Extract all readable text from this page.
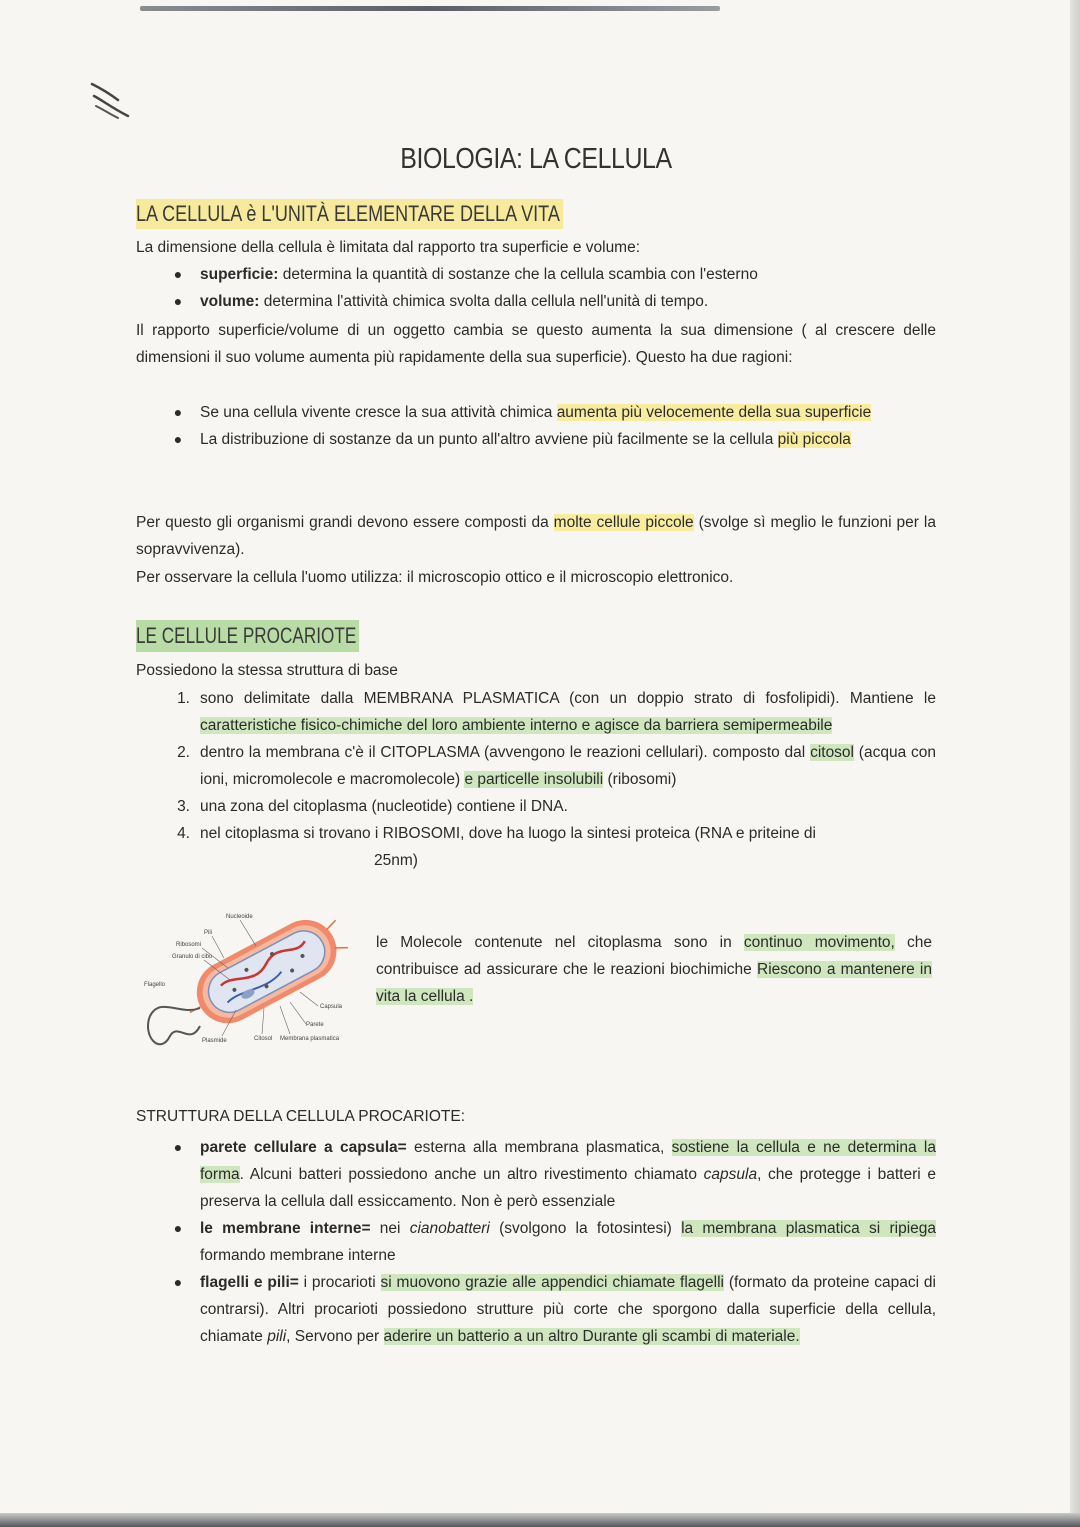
BIOLOGIA: LA CELLULA
LA CELLULA è L'UNITÀ ELEMENTARE DELLA VITA
La dimensione della cellula è limitata dal rapporto tra superficie e volume:
●	superficie: determina la quantità di sostanze che la cellula scambia con l'esterno
●	volume: determina l'attività chimica svolta dalla cellula nell'unità di tempo.
Il rapporto superficie/volume di un oggetto cambia se questo aumenta la sua dimensione ( al crescere delle dimensioni il suo volume aumenta più rapidamente della sua superficie). Questo ha due ragioni:
●	Se una cellula vivente cresce la sua attività chimica aumenta più velocemente della sua superficie
●	La distribuzione di sostanze da un punto all'altro avviene più facilmente se la cellula più piccola
Per questo gli organismi grandi devono essere composti da molte cellule piccole (svolge sì meglio le funzioni per la sopravvivenza).
Per osservare la cellula l'uomo utilizza: il microscopio ottico e il microscopio elettronico.
LE CELLULE PROCARIOTE
Possiedono la stessa struttura di base
1. sono delimitate dalla MEMBRANA PLASMATICA (con un doppio strato di fosfolipidi). Mantiene le caratteristiche fisico-chimiche del loro ambiente interno e agisce da barriera semipermeabile
2. dentro la membrana c'è il CITOPLASMA (avvengono le reazioni cellulari). composto dal citosol (acqua con ioni, micromolecole e macromolecole) e particelle insolubili (ribosomi)
3. una zona del citoplasma (nucleotide) contiene il DNA.
4. nel citoplasma si trovano i RIBOSOMI, dove ha luogo la sintesi proteica (RNA e priteine di
25nm)
le Molecole contenute nel citoplasma sono in continuo movimento, che contribuisce ad assicurare che le reazioni biochimiche Riescono a mantenere in vita la cellula .
STRUTTURA DELLA CELLULA PROCARIOTE:
●	parete cellulare a capsula= esterna alla membrana plasmatica, sostiene la cellula e ne determina la forma. Alcuni batteri possiedono anche un altro rivestimento chiamato capsula, che protegge i batteri e preserva la cellula dall essiccamento. Non è però essenziale
●	le membrane interne= nei cianobatteri (svolgono la fotosintesi) la membrana plasmatica si ripiega formando membrane interne
●	flagelli e pili= i procarioti si muovono grazie alle appendici chiamate flagelli (formato da proteine capaci di contrarsi). Altri procarioti possiedono strutture più corte che sporgono dalla superficie della cellula, chiamate pili, Servono per aderire un batterio a un altro Durante gli scambi di materiale.
Nucleoide
Pili
Ribosomi
Granulo di cibo
Flagello
Capsula
Parete
Plasmide	Citosol Membrana plasmatica
